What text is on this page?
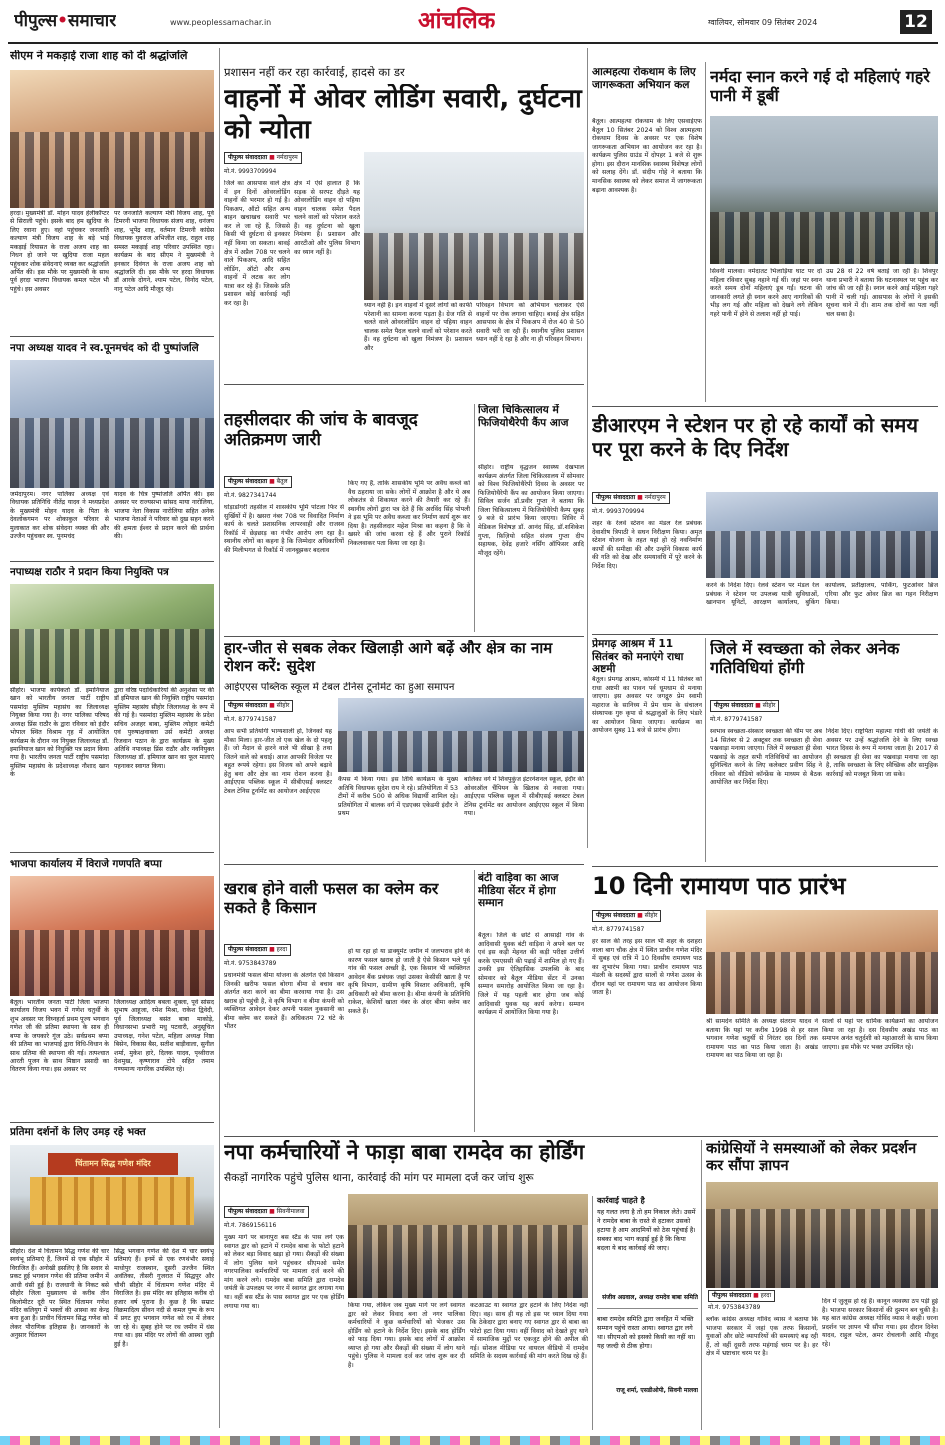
पीपुल्स•समाचार	www.peoplessamachar.in	आंचलिक	ग्वालियर, सोमवार 09 सितंबर 2024	12
सीएम ने मकड़ाई राजा शाह को दी श्रद्धांजलि
हरदा। मुख्यमंत्री डॉ. मोहन यादव हेलीकॉप्टर से सिराली पहुंचे। इसके बाद हम खुदिया के लिए रवाना हुए। वहां पहुंचकर जनजाति कल्याण मंत्री विजय शाह के बड़े भाई मकड़ाई रियासत के राजा अजय शाह का निधन हो जाने पर खुदिया राजा महल पहुंचकर शोक संवेदनाएं व्यक्त कर श्रद्धांजलि अर्पित की। इस मौके पर मुख्यमंत्री के साथ पूर्व हरदा भाजपा विधायक कमल पटेल भी पहुंचे। इस अवसर
पर जनजाति कल्याण मंत्री विजय शाह, पूर्व टिमरनी भाजपा विधायक संजय शाह, धनंजय शाह, भूपेंद्र शाह, वर्तमान टिमरनी कांग्रेस विधायक युवराज अभिजीत शाह, राहुल शाह समस्त मकड़ाई शाह परिवार उपस्थित रहा। कार्यक्रम के बाद सीएम ने मुख्यमंत्री ने इनकार दिवंगत के राजा अजय शाह को श्रद्धांजलि दी। इस मौके पर हरदा विधायक डॉ आरके दोगने, श्याम पटेल, विनोद पटेल, नानु पटेल आदि मौजूद रहे।
नपा अध्यक्ष यादव ने स्व.पूनमचंद को दी पुष्पांजलि
जर्मदापुरम। नगर पालिका अध्यक्ष एवं विधायक प्रतिनिधि नीतेंद्र यादव ने मध्यप्रदेश के मुख्यमंत्री मोहन यादव के पिता के देवलोकगमन पर शोकाकुल परिवार से मुलाकात कर शोक संवेदना व्यक्त की और उज्जैन पहुंचकर स्व. पूनमचंद
यादव के चित्र पुष्पांजलि अर्पित की। इस अवसर पर राज्यसभा सांसद माया नारोलिया, भाजपा नेता विकास नारोलिया सहित अनेक भाजपा नेताओं ने परिवार को दुख सहन करने की क्षमता ईश्वर से प्रदान करने की प्रार्थना की।
नपाध्यक्ष राठौर ने प्रदान किया नियुक्ति पत्र
सीहोर। भाजपा कार्यकर्ता डॉ. इमानियाज खान को भारतीय जनता पार्टी राष्ट्रीय पसमांदा मुस्लिम महासंघ का जिलाध्यक्ष नियुक्त किया गया है। नगर पालिका परिषद अध्यक्ष प्रिंस राठौर के द्वारा रविवार को इंदौर भोपाल स्थित विश्राम गृह में आयोजित कार्यक्रम के दौरान नव नियुक्त जिलाध्यक्ष डॉ. इमानियाज खान को नियुक्ति पत्र प्रदान किया गया है। भारतीय जनता पार्टी राष्ट्रीय पसमांदा मुस्लिम महासंघ के प्रदेशाध्यक्ष नौशाद खान के
द्वारा वरिष्ठ पदाधिकारियों की अनुशंसा पर की डॉ इमियाज खान की नियुक्ति राष्ट्रीय पसमांदा मुस्लिम महासंघ सीहोर जिलाध्यक्ष के रूप में की गई है। पसमांदा मुस्लिम महासंघ के प्रदेश सचिव अजहर बाबा, मुस्लिम त्योहार कमेटी एवं पुरुषाक्षवाक्ता उर्स कमेटी अध्यक्ष रिजवान पठान के द्वारा कार्यक्रम के मुख्य अतिथि नपाध्यक्ष प्रिंस राठौर और नवनियुक्त जिलाध्यक्ष डॉ. इमियाज खान का फूल मालाएं पहनाकर स्वागत किया।
भाजपा कार्यालय में विराजे गणपति बप्पा
बैतूल। भारतीय जनता पार्टी जिला भाजपा कार्यालय विजय भवन में गणेश चतुर्थी के शुभ अवसर पर विघ्नहर्ता प्रथम पूज्य भगवान गणेश जी की प्रतिमा स्थापना के साथ ही बप्पा के जयकारे गूंज उठे। सर्वप्रथम बप्पा की प्रतिमा का भाजपाई द्वारा विधि-विधान के साथ प्रतिमा की स्थापना की गई। तत्पश्चात आरती पूजन के साथ मिष्ठान प्रसादी का वितरण किया गया। इस अवसर पर
जिलाध्यक्ष आदित्य बबला शुक्ला, पूर्व सांसद सुभाष आहूजा, रमेश मिश्रा, राकेश द्विवेदी, पूर्व जिलाध्यक्ष बसंत बाबा माकोड़े, विधानसभा प्रभारी मधु पटवारी, अनुसूचित उपाध्यक्ष, गनेश पटेल, महिला अध्यक्ष निष्ठा बिसेन, विकास बैस, सतीश बाड़ीवाला, सुनील शर्मा, मुकेश हारे, दिलक यादव, पृथ्वीराज देशमुख, कृष्णाराव टोपे सहित तमाम गण्यमान्य नागरिक उपस्थित रहे।
प्रतिमा दर्शनों के लिए उमड़ रहे भक्त
चिंतामन सिद्ध गणेश मंदिर
सीहोर। देश में चिंतामन सिद्ध गणेश की चार स्वयंभू प्रतिमाएं हैं, जिनमें से एक सीहोर में विराजित हैं। अनोखी इसलिए है कि सवार से प्रकट हुई भगवान गणेश की प्रतिमा जमीन में आधी धंसी हुई है। राजधानी के निकट बसे सीहोर जिला मुख्यालय से करीब तीन किलोमीटर दूरी पर स्थित चिंतामन गणेश मंदिर कलियुग में भक्तों की आस्था का केन्द्र बना हुआ है। प्राचीन चिंतामन सिद्ध गणेश को लेकर पौराणिक इतिहास है। जानकारों के अनुसार चिंतामन
सिद्ध भगवान गणेश की देश में चार स्वयंभू प्रतिमाएं हैं। इनमें से एक रणथंभौर सवाई माधोपुर राजस्थान, दूसरी उज्जैन स्थित अवंतिका, तीसरी गुजरात में सिद्धपुर और चौथी सीहोर में चिंतामण गणेश मंदिर में विराजित है। इस मंदिर का इतिहास करीब दो हजार वर्ष पुराना है। कुछ है कि सम्राट विक्रमादित्य सीवन नदी से कमल पुष्प के रूप में प्रगट हुए भगवान गणेश को रथ में लेकर जा रहे थे। सुबह होने पर रथ जमीन में धंस गया था। इस मंदिर पर लोगों की आस्था जुड़ी हुई है।
प्रशासन नहीं कर रहा कार्रवाई, हादसे का डर
वाहनों में ओवर लोडिंग सवारी, दुर्घटना को न्योता
पीपुल्स संवाददाता ■ नर्मदापुरम
मो.नं. 9993709994
जिले का आसपास वाले क्षेत्र में इन दिनों ओवरलोडिंग वाहनों की भरमार हो गई है। पिकअप, ऑटो सहित अन्य बाहन खचाखच सवारी भर कर ले जा रहे हैं, जिससे किसी भी दुर्घटना से इनकार नहीं किया जा सकता। बावई क्षेत्र में अप्रैल 708 पर चलने वाले पिकअप, आदि सहित लोडिंग, ऑटो और अन्य वाहनों में लटक कर लोग यात्रा कर रहे हैं। जिसके प्रति प्रशासन कोई कार्रवाई नहीं कर रहा है।
क्षेत्र में ऐसे हालात हैं कि सड़क से सरपट दौड़ते यह ओवरलोडिंग वाहन दो पहिया वाहन चालक समेत पैदल चलने वालों को परेशान करते हैं। वह दुर्घटना को खुला निमंत्रण है। प्रशासन और आरटीओ और पुलिस विभाग का ध्यान नहीं है।
ध्यान नहीं है। इन वाहनों में दूसरे लोगों को काफी परेशानी का सामना करना पड़ता है। ग्रेज गति से चलते वाले ओवरलोडिंग वाहन दो पहिया वाहन चालक समेत पैदल चलने वालों को परेशान करते हैं। वह दुर्घटना को खुला निमंत्रण है। प्रशासन और
परिवहन विभाग को अभियान चलाकर ऐसे वाहनों पर रोक लगाना चाहिए। बावई क्षेत्र सहित आसपास के क्षेत्र में पिकअप में रोज 40 से 50 सवारी भरी जा रही हैं। स्थानीय पुलिस प्रशासन ध्यान नहीं दे रहा है और ना ही परिवहन विभाग।
तहसीलदार की जांच के बावजूद अतिक्रमण जारी
पीपुल्स संवाददाता ■ बैतूल
मो.नं. 9827341744
घोड़ाडोंगरी तहसील में शासकीय भूमि पोटला फिर से सुर्खियों में है। खसरा नंबर 708 पर विवादित निर्माण कार्य के चलते प्रशासनिक लापरवाही और राजस्व रिकॉर्ड में छेड़छाड़ का गंभीर आरोप लग रहा है। स्थानीय लोगों का कहना है कि जिम्मेदार अधिकारियों की मिलीभगत से रिकॉर्ड में जानबूझकर बदलाव
किए गए हैं, ताकि शासकीय भूमि पर अवैध कब्जे को वैध ठहराया जा सके। लोगों में आक्रोश है और ये अब लोकतंत्र से शिकायत करने की तैयारी कर रहे हैं। स्थानीय लोगों द्वारा पत्र देते हैं कि अरविंद सिंह पोपली ने इस भूमि पर अवैध कब्जा कर निर्माण कार्य शुरू कर दिया है। तहसीलदार महेश मिश्रा का कहना है कि वे खसरे की जांच करवा रहे हैं और पुराने रिकॉर्ड निकलवाकर पता किया जा रहा है।
जिला चिकित्सालय में फिजियोथैरेपी कैंप आज
सीहोर। राष्ट्रीय वृद्धजन स्वास्थ्य देखभाल कार्यक्रम अंतर्गत जिला चिकित्सालय में सोमवार को विश्व फिजियोथैरेपी दिवस के अवसर पर फिजियोथैरेपी कैंप का आयोजन किया जाएगा। सिविल सर्जन डॉ.प्रवीर गुप्ता ने बताया कि जिला चिकित्सालय में फिजियोथैरेपी कैम्प सुबह 9 बजे से प्रारंभ किया जाएगा। शिविर में मेडिकल विशेषज्ञ डॉ. आनंद सिंह, डॉ.शशिकेश गुप्ता, फ़िज़ियो सहित संजय गुप्ता दीप सहायक, देवेंद्र हजारे नर्सिंग ऑफिसर आदि मौजूद रहेंगे।
हार-जीत से सबक लेकर खिलाड़ी आगे बढ़ें और क्षेत्र का नाम रोशन करें: सुदेश
आईएएस पब्लिक स्कूल में टेबल टेनिस टूर्नामेंट का हुआ समापन
पीपुल्स संवाददाता ■ सीहोर
मो.नं. 8779741587
आप सभी प्रतियोगी भाग्यशाली हो, जिनको यह मौका मिला। हार-जीत तो एक खेल के दो पहलू हैं। जो मैदान से हारने वाले भी सीखा है तथा जितने वाले को बधाई। आज आपकी विजेता पर बहुत रूपये रहेगा। इस विजय को अपने बढ़ावे हेतु बना और क्षेत्र का नाम रोशन करना है। आईएएस पब्लिक स्कूल में सीबीएसई क्लस्टर टेबल टेनिस टूर्नामेंट का आयोजन आईएएस
कैंपस में किया गया। इस तिथि कार्यक्रम के मुख्य अतिथि विधायक सुदेश राय ने रहे। प्रतियोगिता में 53 टीमों में करीब 500 से अधिक विद्यार्थी शामिल रहे। प्रतियोगिता में बालक वर्ग में एडएक्स एकेडमी इंदौर ने प्रथम
बालिका वर्ग में शिवपुकुंज इंटरनेशनल स्कूल, इंदौर की ओवरऑल चैंपियन के खिताब से नवाजा गया। आईएएस पब्लिक स्कूल में सीबीएसई क्लस्टर टेबल टेनिस टूर्नामेंट का आयोजन आईएएस स्कूल में किया गया।
खराब होने वाली फसल का क्लेम कर सकते है किसान
पीपुल्स संवाददाता ■ हरदा
मो.नं. 9753843789
प्रधानमंत्री फसल बीमा योजना के अंतर्गत ऐसे किसान जिनकी खरीफ फसल बोरगा बीमा से बचाव कर अंतर्गत करा करने का बीमा करवाया गया है। उस खराब हो पहुंची है, वे कृषि विभाग व बीमा कंपनी को व्यक्तिगत आवेदन देकर अपनी फसल नुकसानी का बीमा क्लेम कर सकते हैं। अधिकतम 72 घंटे के भीतर
हो या रहा हो या डाक्यूमेंट जमीन में जलभराव होने के कारण फसल खराब हो जाती है ऐसे किसान भले पूर्व गांव की फसल अच्छी है, एक किसान भी व्यक्तिगत आवेदन बैंक प्रबंधक जहां उसका केसीसी खाता है पर कृषि विभाग, ग्रामीण कृषि विस्तार अधिकारी, कृषि अधिकारी को बीमा करना है। बीमा कंपनी के प्रतिनिधि राकेश, केशियों खाता नंबर के अंदर बीमा क्लेम कर सकते हैं।
बंटी वाड़िवा का आज मीडिया सेंटर में होगा सम्मान
बैतूल। जिले के छोटे से आसाढ़ी गांव के आदिवासी युवक बंटी वाड़िवा ने अपने बल पर एवं इस कड़ी मेहनत की कड़ी परीक्षा उत्तीर्ण करके एमएससी की पढ़ाई में शामिल हो गए हैं। उनकी इस ऐतिहासिक उपलब्धि के बाद सोमवार को बैतूल मीडिया सेंटर में उनका सम्मान समारोह आयोजित किया जा रहा है। जिले में यह पहली बार होगा जब कोई आदिवासी युवक यह कार्य करेगा। सम्मान कार्यक्रम में आयोजित किया गया है।
नपा कर्मचारियों ने फाड़ा बाबा रामदेव का होर्डिंग
सैकड़ों नागरिक पहुंचे पुलिस थाना, कार्रवाई की मांग पर मामला दर्ज कर जांच शुरू
पीपुल्स संवाददाता ■ सिवनीमालवा
मो.नं. 7869156116
मुख्य मार्ग पर बानापुरा बस स्टैंड के पास लगे एक स्वागत द्वार को हटाने में रामदेव बाबा के फोटो हटाने को लेकर बड़ा विवाद खड़ा हो गया। सैकड़ों की संख्या में लोग पुलिस थाने पहुंचकर सीएमओ समेत नगरपालिका कर्मचारियों पर मामला दर्ज करने की मांग करने लगे। रामदेव बाबा समिति द्वारा रामदेव जयंती के उपलक्ष्य पर नगर में स्वागत द्वार लगाया गया था। वहीं बस स्टैंड के पास स्वागत द्वार पर एक होर्डिंग लगाया गया था।	किया गया, लेकिन जब मुख्य मार्ग पर लगे स्वागत द्वार को लेकर विवाद बना तो नगर पालिका कर्मचारियों ने कुछ कर्मचारियों को भेजकर उस होर्डिंग को हटाने के निर्देश दिए। इसके बाद होर्डिंग को फाड़ दिया गया। इसके बाद लोगों में आक्रोश व्याप्त हो गया और सैकड़ों की संख्या में लोग थाने पहुंचे। पुलिस ने मामला दर्ज कर जांच शुरू कर दी है।
कटआउट या स्वागत द्वार हटाने के लिए निर्देश नहीं दिए। वह। साथ ही यह तो इस पर ध्यान दिया गया कि ठेकेदार द्वारा बनाए गए स्वागत द्वार से बाबा का फोटो हटा दिया गया। वहीं विवाद को देखते हुए थाने में सामाजिक मुद्दों पर एकजुट होने की अपील की गई। सोशल मीडिया पर वायरल वीडियो में रामदेव समिति के सदस्य कार्रवाई की मांग करते दिख रहे हैं।
कार्रवाई चाहते है
यह गलत लगा है तो हम निकाल लेते। उसमें ने रामदेव बाबा के रास्ते से हटाकर उसको हटाया है आम आदमियों को ठेस पहुंचाई है। सबका बाद भाग कड़ाई हुई है कि किया बदला ये बाद कार्रवाई की जाए।
संजीव अग्रवाल, अध्यक्ष रामदेव बाबा समिति
बाबा रामदेव समिति द्वारा जनहित में भक्ति सम्मान पहुंचे रास्ता आया। स्वागत द्वार लगे था। सीएमओ को इसको किसी का नहीं था। यह जल्दी से ठीक होगा।
राजू शर्मा, एसडीओपी, सिवनी मालवा
आत्महत्या रोकथाम के लिए जागरूकता अभियान कल
बैतूल। आत्महत्या रोकथाम के लिए एसवाईएफ बैतूल 10 सितंबर 2024 को विश्व आत्महत्या रोकथाम दिवस के अवसर पर एक विशेष जागरूकता अभियान का आयोजन कर रहा है। कार्यक्रम पुलिस ग्राउंड में दोपहर 1 बजे से शुरू होगा। इस दौरान मानसिक स्वास्थ्य विशेषज्ञ लोगों को सलाह देंगे। डॉ. संदीप गोहे ने बताया कि मानसिक स्वास्थ्य को लेकर समाज में जागरूकता बढ़ाना आवश्यक है।
नर्मदा स्नान करने गई दो महिलाएं गहरे पानी में डूबीं
सिवनी मालवा। नर्मदातट भिलाड़िया घाट पर दो महिला रविवार सुबह नहाने गई थीं। जहां पर स्नान करते समय दोनों महिलाएं डूब गईं। घटना की जानकारी लगते ही स्नान करने आए नागरिकों की भीड़ लग गई और महिला को देखने लगे लेकिन गहरे पानी में होने से तलाश नहीं हो पाई।
उम्र 28 से 22 वर्ष बताई जा रही है। शिवपुर थाना प्रभारी ने बताया कि घटनास्थल पर पहुंच कर जांच की जा रही है। स्नान करने आई महिला गहरे पानी में चली गई। आसपास के लोगों ने इसकी सूचना थाने में दी। शाम तक दोनों का पता नहीं चल सका है।
डीआरएम ने स्टेशन पर हो रहे कार्यों को समय पर पूरा करने के दिए निर्देश
पीपुल्स संवाददाता ■ नर्मदापुरम
मो.नं. 9993709994
शहर के रेलवे स्टेशन का मंडल रेल प्रबंधक देवाशीष त्रिपाठी ने सघन निरीक्षण किया। अमृत स्टेशन योजना के तहत यहां हो रहे नवनिर्माण कार्यों की समीक्षा की और उन्होंने विकास कार्य की गति को देख और समयावधि में पूरे करने के निर्देश दिए।
करने के निर्देश दिए। रेलवे स्टेशन पर मंडल रेल प्रबंधक ने स्टेशन पर उपलब्ध यात्री सुविधाओं, खानपान यूनिटों, आरक्षण कार्यालय, बुकिंग कार्यालय, प्रतीक्षालय, पार्किंग, फुटओवर ब्रिज एरिया और फुट ओवर ब्रिज का गहन निरीक्षण किया।
प्रेमगढ़ आश्रम में 11 सितंबर को मनाएंगे राधा अष्टमी
बैतूल। प्रेमगढ़ आश्रम, कोसमी में 11 सितंबर को राधा अष्टमी का पावन पर्व धूमधाम से मनाया जाएगा। इस अवसर पर जगद्गुरु प्रेम स्वामी महाराज के सानिध्य में प्रेम धाम के संचालन संस्थापक गुरु कृपा से श्रद्धालुओं के लिए भंडारे का आयोजन किया जाएगा। कार्यक्रम का आयोजन सुबह 11 बजे से प्रारंभ होगा।
जिले में स्वच्छता को लेकर अनेक गतिविधियां होंगी
पीपुल्स संवाददाता ■ सीहोर
मो.नं. 8779741587
स्वभाव स्वच्छता-संस्कार स्वच्छता की थीम पर अब 14 सितंबर से 2 अक्टूबर तक स्वच्छता ही सेवा पखवाड़ा मनाया जाएगा। जिले में स्वच्छता ही सेवा पखवाड़े के तहत सभी गतिविधियों का आयोजन सुनिश्चित करने के लिए कलेक्टर प्रवीण सिंह ने रविवार को वीडियो कॉन्फ्रेंस के माध्यम से बैठक आयोजित कर निर्देश दिए।
निर्देश दिए। राष्ट्रपिता महात्मा गांधी की जयंती के अवसर पर उन्हें श्रद्धांजलि देने के लिए स्वच्छ भारत दिवस के रूप में मनाया जाता है। 2017 से ही स्वच्छता ही सेवा का पखवाड़ा मनाया जा रहा है, ताकि स्वच्छता के लिए स्वैच्छिक और सामुहिक कार्रवाई को मजबूत किया जा सके।
10 दिनी रामायण पाठ प्रारंभ
पीपुल्स संवाददाता ■ सीहोर
मो.नं. 8779741587
हर साल की तरह इस साल भी शहर के दशहरा वाला बाग चौक क्षेत्र में स्थित प्राचीन गणेश मंदिर में सुबह एवं रात्रि में 10 दिवसीय रामायण पाठ का शुभारंभ किया गया। प्राचीन रामायण पाठ मंडली के सदस्यों द्वारा सालों से गणेश उत्सव के दौरान यहां पर रामायण पाठ का आयोजन किया जाता है।
श्री सामदेन समिति के अध्यक्ष संतराम यादव ने बताया कि यहां पर करीब 1998 से हर साल भगवान गणेश चतुर्थी से निरंतर दस दिनों तक रामायण पाठ का पाठ किया जाता है। अखंड रामायण का पाठ किया जा रहा है।
सालों से यहां पर धार्मिक कार्यक्रमों का आयोजन किया जा रहा है। दस दिवसीय अखंड पाठ का समापन अनंत चतुर्दशी को महाआरती के साथ किया जाएगा। इस मौके पर भक्त उपस्थित रहे।
कांग्रेसियों ने समस्याओं को लेकर प्रदर्शन कर सौंपा ज्ञापन
पीपुल्स संवाददाता ■ हरदा
मो.नं. 9753843789
ब्लॉक कांग्रेस अध्यक्ष गोविंद व्यास ने बताया कि भाजपा सरकार में जहां एक तरफ किसानों, युवाओं और छोटे व्यापारियों की समस्याएं बढ़ रही हैं, तो वहीं दूसरी तरफ महंगाई चरम पर है। हर क्षेत्र में भ्रष्टाचार चरम पर है।
दिन में जुलूस हो रहे हैं। कानून व्यवस्था ठप पड़ी हुई है। भाजपा सरकार किसानों की दुश्मन बन चुकी है। यह बात कांग्रेस अध्यक्ष गोविंद व्यास ने कही। धरना प्रदर्शन पर ज्ञापन भी सौंपा गया। इस दौरान दिनेश यादव, राहुल पटेल, अमर रोचलानी आदि मौजूद रहे।
